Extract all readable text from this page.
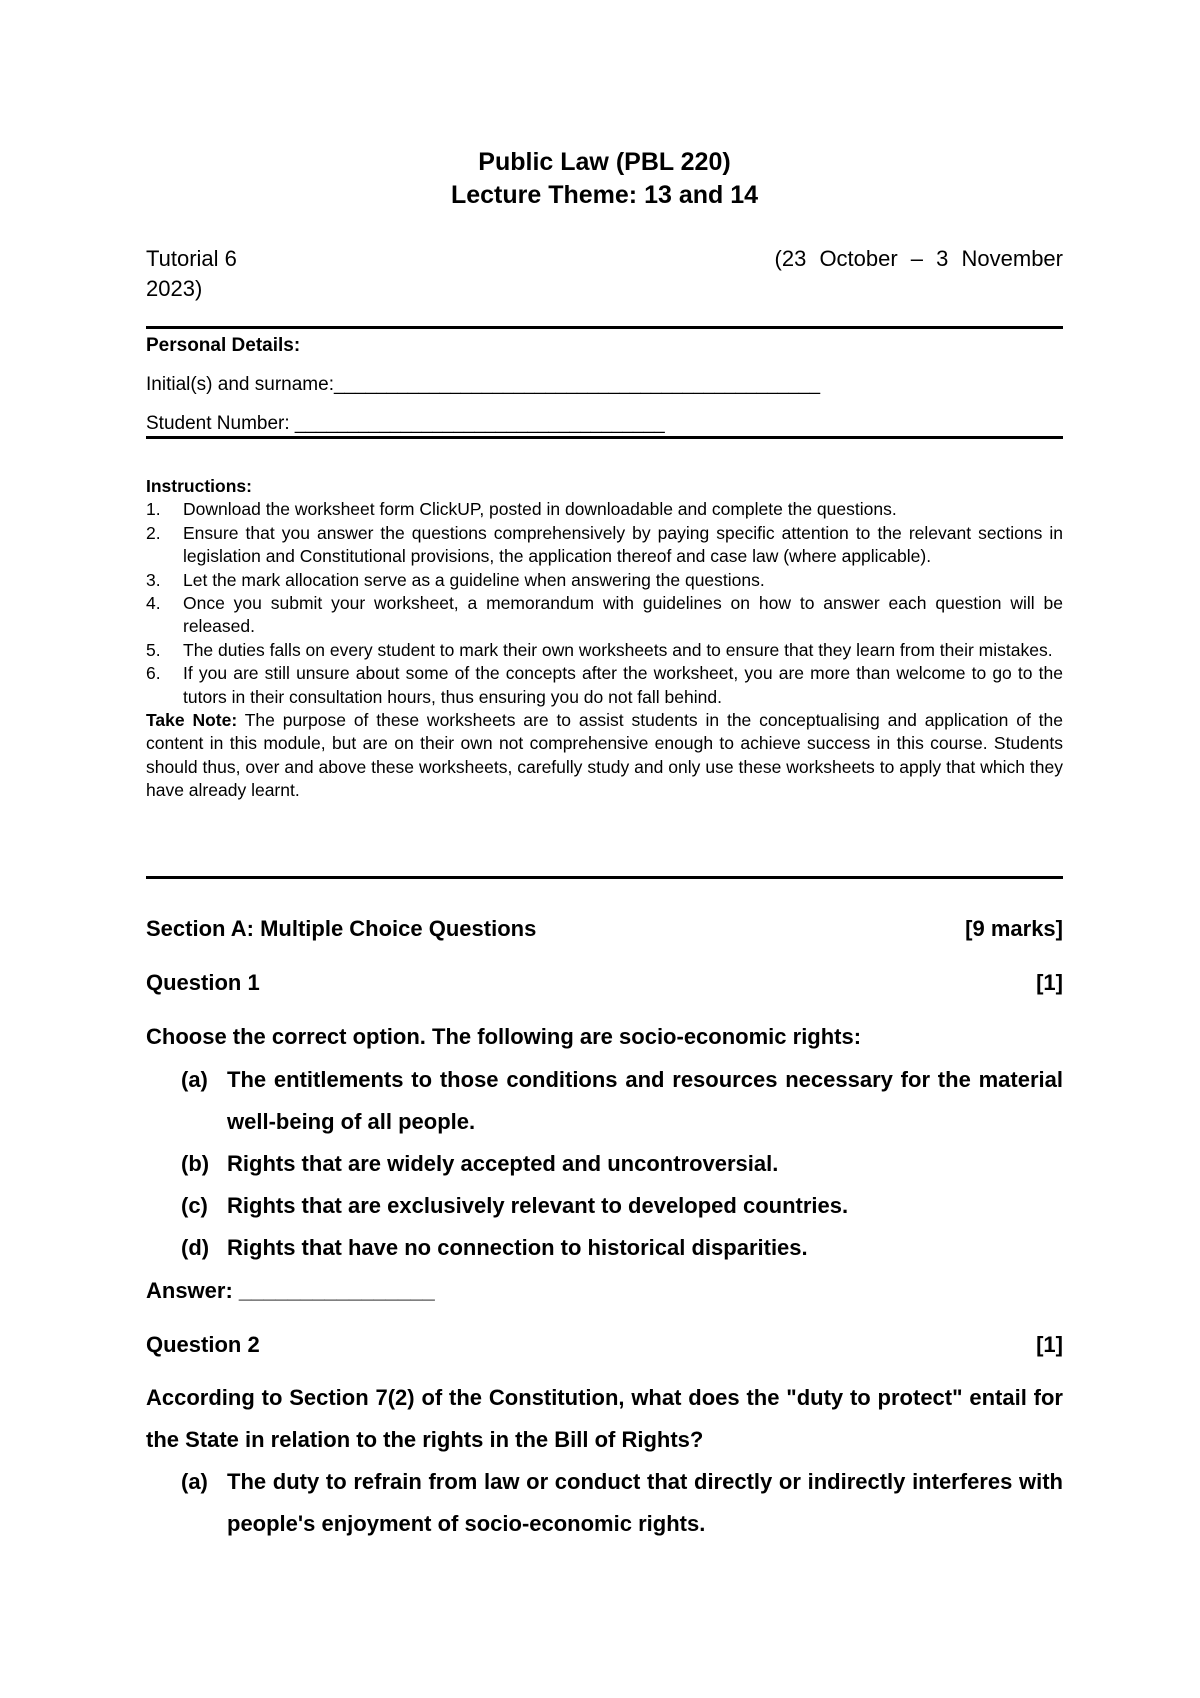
Public Law (PBL 220)
Lecture Theme: 13 and 14
Tutorial 6	(23 October – 3 November
2023)
Personal Details:
Initial(s) and surname:______________________________________________
Student Number: ___________________________________
Instructions:
1. Download the worksheet form ClickUP, posted in downloadable and complete the questions.
2. Ensure that you answer the questions comprehensively by paying specific attention to the relevant sections in legislation and Constitutional provisions, the application thereof and case law (where applicable).
3. Let the mark allocation serve as a guideline when answering the questions.
4. Once you submit your worksheet, a memorandum with guidelines on how to answer each question will be released.
5. The duties falls on every student to mark their own worksheets and to ensure that they learn from their mistakes.
6. If you are still unsure about some of the concepts after the worksheet, you are more than welcome to go to the tutors in their consultation hours, thus ensuring you do not fall behind.
Take Note: The purpose of these worksheets are to assist students in the conceptualising and application of the content in this module, but are on their own not comprehensive enough to achieve success in this course. Students should thus, over and above these worksheets, carefully study and only use these worksheets to apply that which they have already learnt.
Section A: Multiple Choice Questions	[9 marks]
Question 1	[1]
Choose the correct option. The following are socio-economic rights:
(a) The entitlements to those conditions and resources necessary for the material well-being of all people.
(b) Rights that are widely accepted and uncontroversial.
(c) Rights that are exclusively relevant to developed countries.
(d) Rights that have no connection to historical disparities.
Answer: ________________
Question 2	[1]
According to Section 7(2) of the Constitution, what does the "duty to protect" entail for the State in relation to the rights in the Bill of Rights?
(a) The duty to refrain from law or conduct that directly or indirectly interferes with people's enjoyment of socio-economic rights.
